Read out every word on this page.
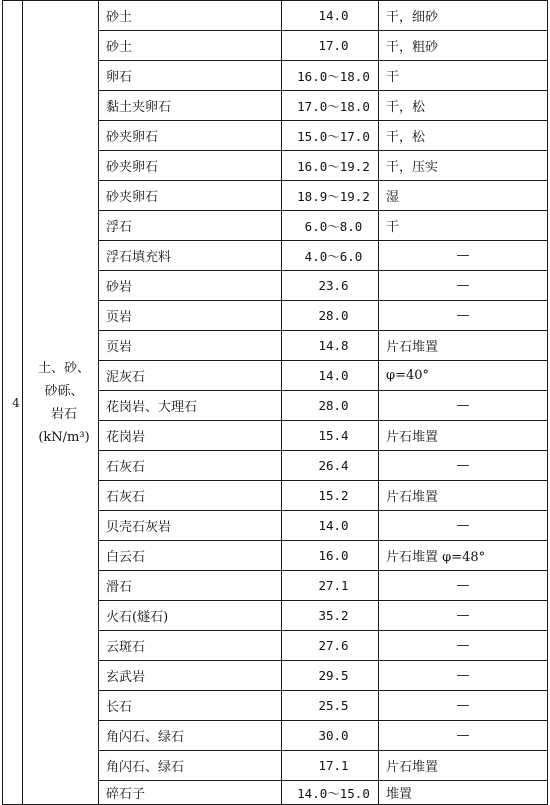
4	土、砂、
砂砾、
岩石
(kN/m³)	砂土	14.0	干，细砂
		砂土	17.0	干，粗砂
		卵石	16.0～18.0	干
		黏土夹卵石	17.0～18.0	干，松
		砂夹卵石	15.0～17.0	干，松
		砂夹卵石	16.0～19.2	干，压实
		砂夹卵石	18.9～19.2	湿
		浮石	6.0～8.0	干
		浮石填充料	4.0～6.0	—
		砂岩	23.6	—
		页岩	28.0	—
		页岩	14.8	片石堆置
		泥灰石	14.0	φ=40°
		花岗岩、大理石	28.0	—
		花岗岩	15.4	片石堆置
		石灰石	26.4	—
		石灰石	15.2	片石堆置
		贝壳石灰岩	14.0	—
		白云石	16.0	片石堆置 φ=48°
		滑石	27.1	—
		火石(燧石)	35.2	—
		云斑石	27.6	—
		玄武岩	29.5	—
		长石	25.5	—
		角闪石、绿石	30.0	—
		角闪石、绿石	17.1	片石堆置
		碎石子	14.0～15.0	堆置
